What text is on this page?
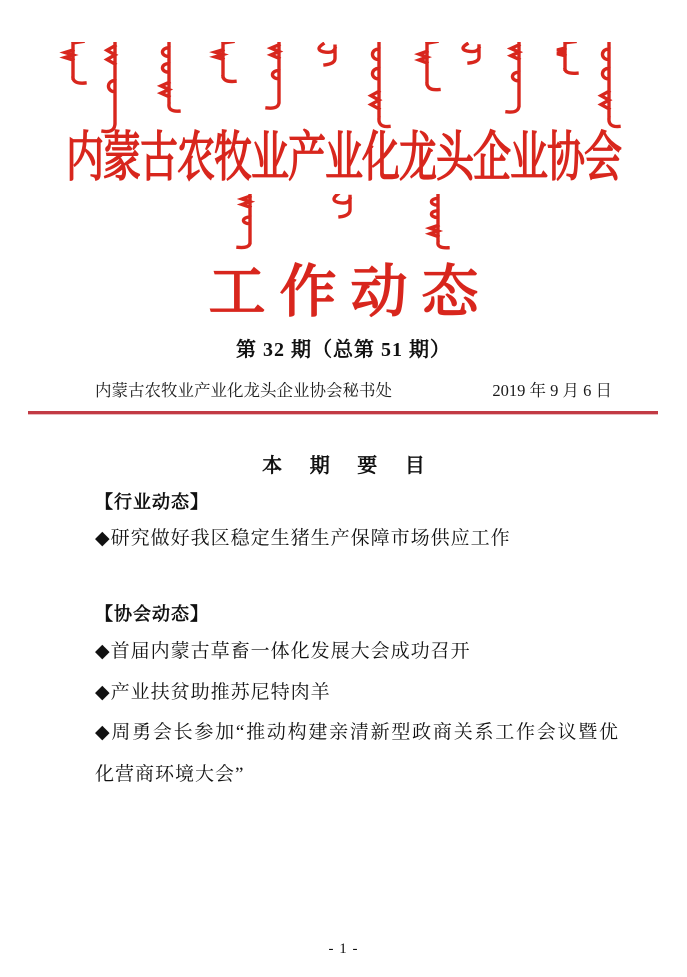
内蒙古农牧业产业化龙头企业协会
工作动态
第 32 期（总第 51 期）
内蒙古农牧业产业化龙头企业协会秘书处	2019 年 9 月 6 日
本 期 要 目
【行业动态】
◆研究做好我区稳定生猪生产保障市场供应工作
【协会动态】
◆首届内蒙古草畜一体化发展大会成功召开
◆产业扶贫助推苏尼特肉羊
◆周勇会长参加“推动构建亲清新型政商关系工作会议暨优化营商环境大会”
- 1 -
